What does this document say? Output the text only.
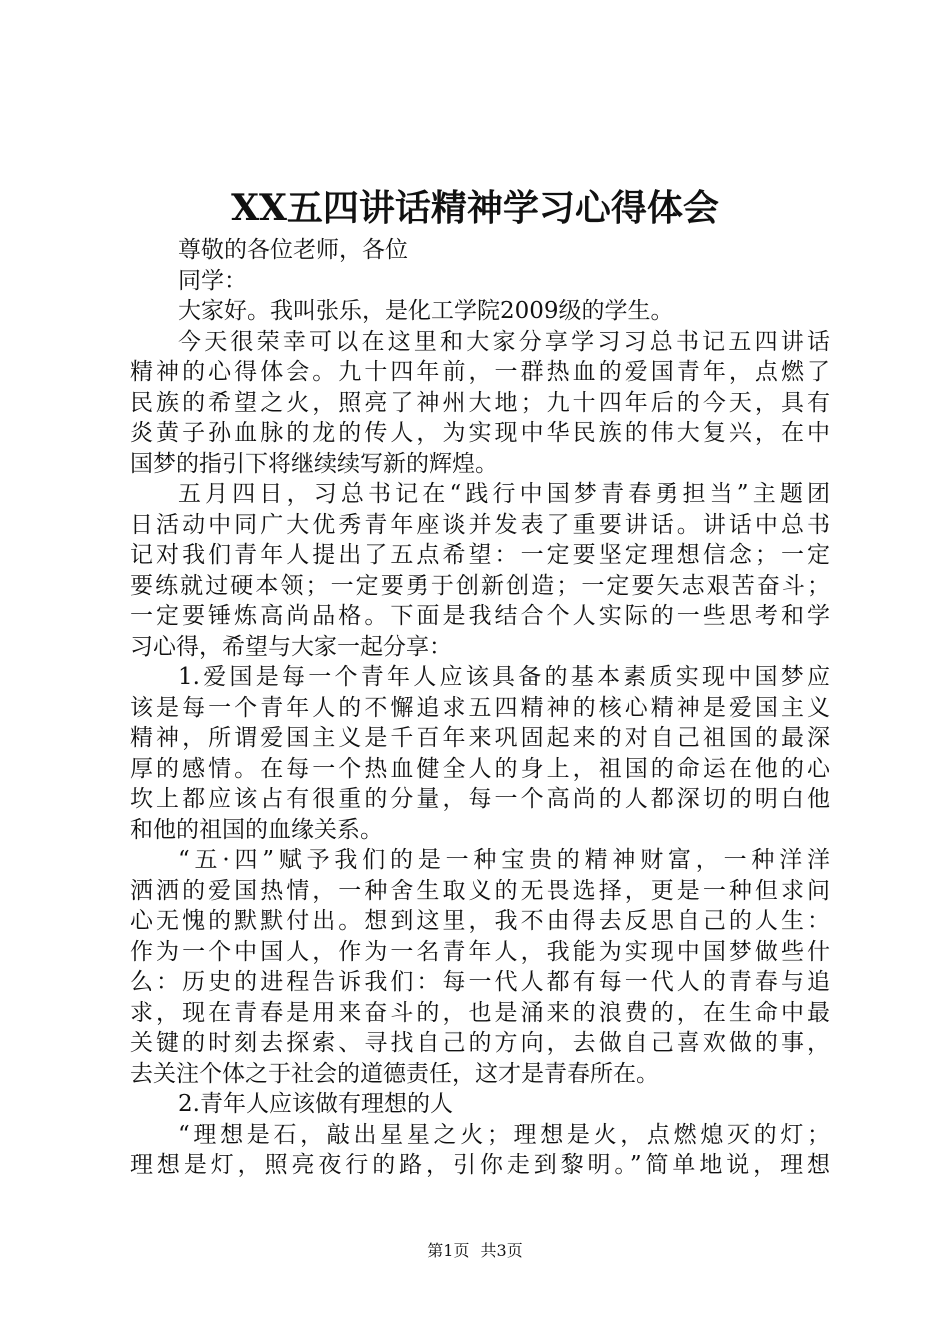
XX五四讲话精神学习心得体会
尊敬的各位老师，各位
同学：
大家好。我叫张乐，是化工学院2009级的学生。
今天很荣幸可以在这里和大家分享学习习总书记五四讲话
精神的心得体会。九十四年前，一群热血的爱国青年，点燃了
民族的希望之火，照亮了神州大地；九十四年后的今天，具有
炎黄子孙血脉的龙的传人，为实现中华民族的伟大复兴，在中
国梦的指引下将继续续写新的辉煌。
五月四日，习总书记在“践行中国梦青春勇担当”主题团
日活动中同广大优秀青年座谈并发表了重要讲话。讲话中总书
记对我们青年人提出了五点希望：一定要坚定理想信念；一定
要练就过硬本领；一定要勇于创新创造；一定要矢志艰苦奋斗；
一定要锤炼高尚品格。下面是我结合个人实际的一些思考和学
习心得，希望与大家一起分享：
1.爱国是每一个青年人应该具备的基本素质实现中国梦应
该是每一个青年人的不懈追求五四精神的核心精神是爱国主义
精神，所谓爱国主义是千百年来巩固起来的对自己祖国的最深
厚的感情。在每一个热血健全人的身上，祖国的命运在他的心
坎上都应该占有很重的分量，每一个高尚的人都深切的明白他
和他的祖国的血缘关系。
“五·四”赋予我们的是一种宝贵的精神财富，一种洋洋
洒洒的爱国热情，一种舍生取义的无畏选择，更是一种但求问
心无愧的默默付出。想到这里，我不由得去反思自己的人生：
作为一个中国人，作为一名青年人，我能为实现中国梦做些什
么：历史的进程告诉我们：每一代人都有每一代人的青春与追
求，现在青春是用来奋斗的，也是涌来的浪费的，在生命中最
关键的时刻去探索、寻找自己的方向，去做自己喜欢做的事，
去关注个体之于社会的道德责任，这才是青春所在。
2.青年人应该做有理想的人
“理想是石，敲出星星之火；理想是火，点燃熄灭的灯；
理想是灯，照亮夜行的路，引你走到黎明。”简单地说，理想
第1页 共3页
